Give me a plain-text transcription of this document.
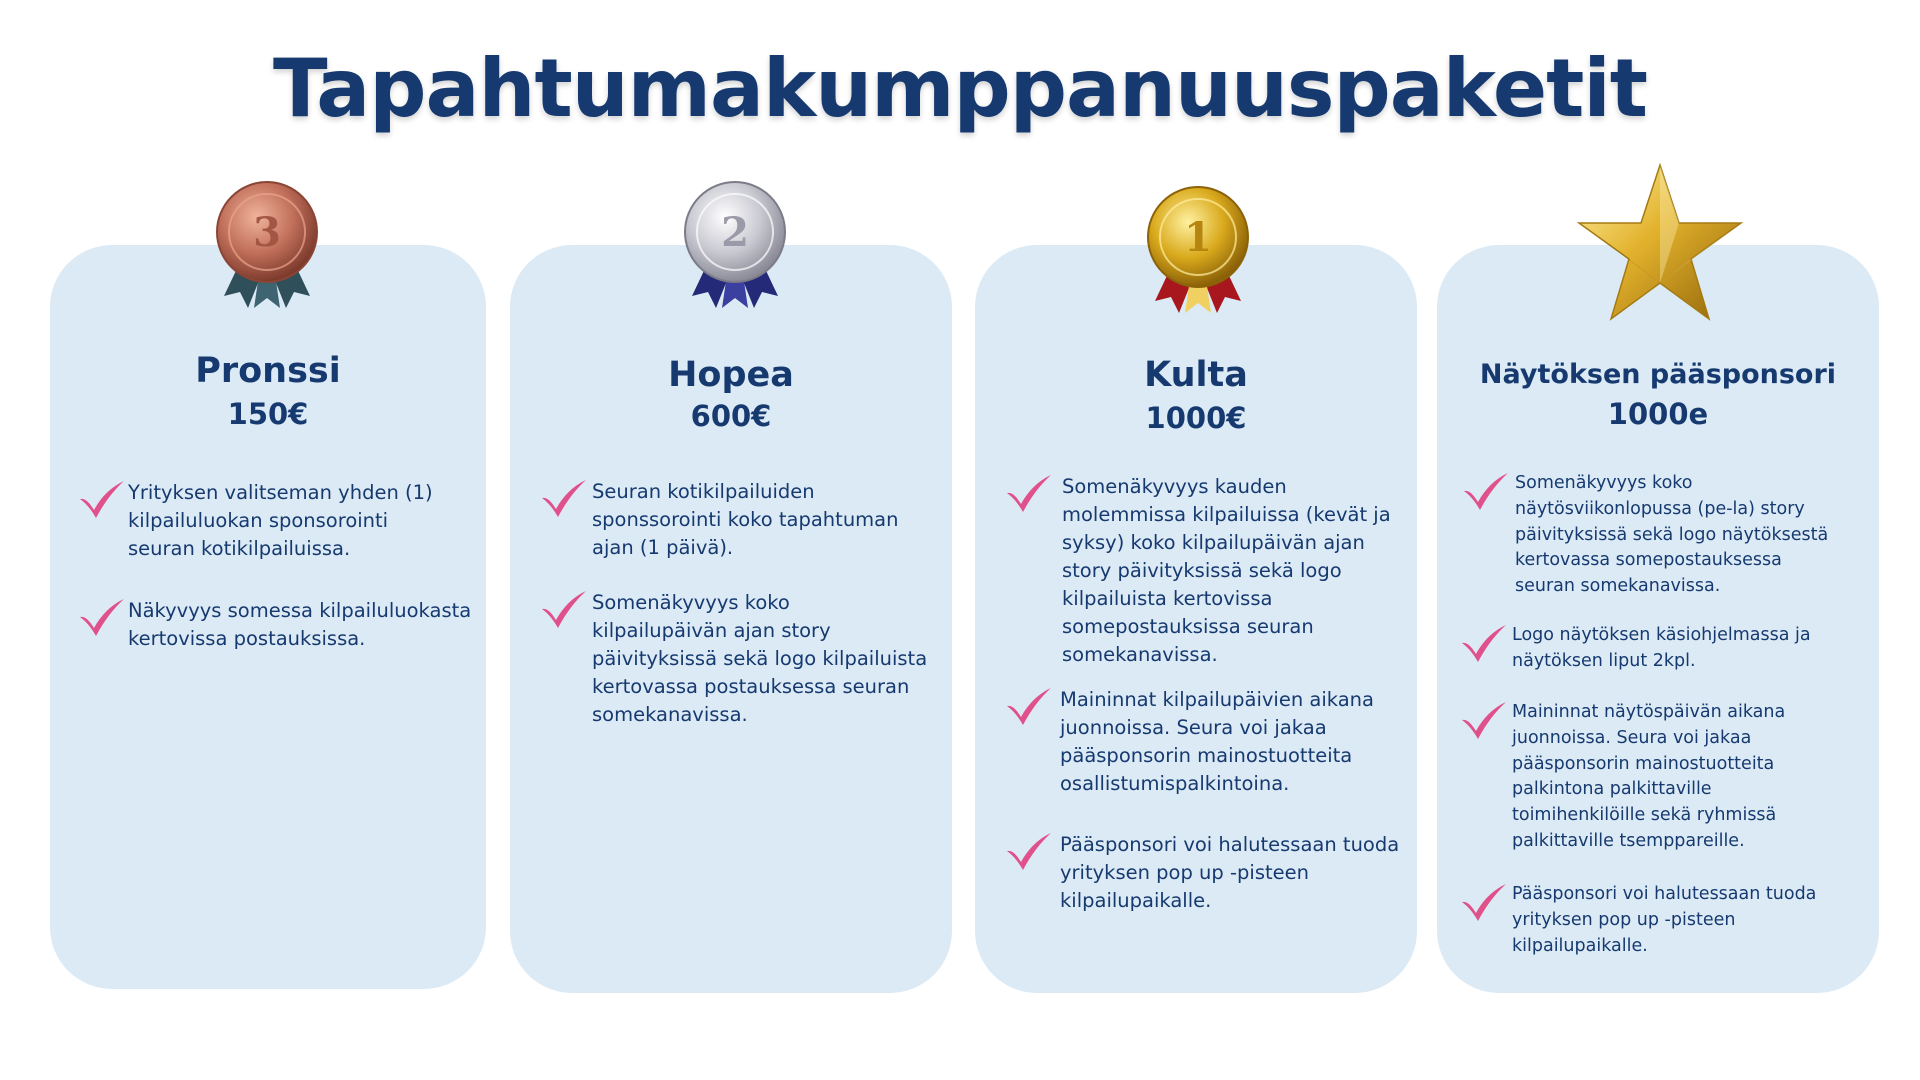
Tapahtumakumppanuuspaketit
Pronssi
150€
Yrityksen valitseman yhden (1)
kilpailuluokan sponsorointi
seuran kotikilpailuissa.
Näkyvyys somessa kilpailuluokasta
kertovissa postauksissa.
Hopea
600€
Seuran kotikilpailuiden
sponssorointi koko tapahtuman
ajan (1 päivä).
Somenäkyvyys koko
kilpailupäivän ajan story
päivityksissä sekä logo kilpailuista
kertovassa postauksessa seuran
somekanavissa.
Kulta
1000€
Somenäkyvyys kauden
molemmissa kilpailuissa (kevät ja
syksy) koko kilpailupäivän ajan
story päivityksissä sekä logo
kilpailuista kertovissa
somepostauksissa seuran
somekanavissa.
Maininnat kilpailupäivien aikana
juonnoissa. Seura voi jakaa
pääsponsorin mainostuotteita
osallistumispalkintoina.
Pääsponsori voi halutessaan tuoda
yrityksen pop up -pisteen
kilpailupaikalle.
Näytöksen pääsponsori
1000e
Somenäkyvyys koko
näytösviikonlopussa (pe-la) story
päivityksissä sekä logo näytöksestä
kertovassa somepostauksessa
seuran somekanavissa.
Logo näytöksen käsiohjelmassa ja
näytöksen liput 2kpl.
Maininnat näytöspäivän aikana
juonnoissa. Seura voi jakaa
pääsponsorin mainostuotteita
palkintona palkittaville
toimihenkilöille sekä ryhmissä
palkittaville tsemppareille.
Pääsponsori voi halutessaan tuoda
yrityksen pop up -pisteen
kilpailupaikalle.
3	2	1
